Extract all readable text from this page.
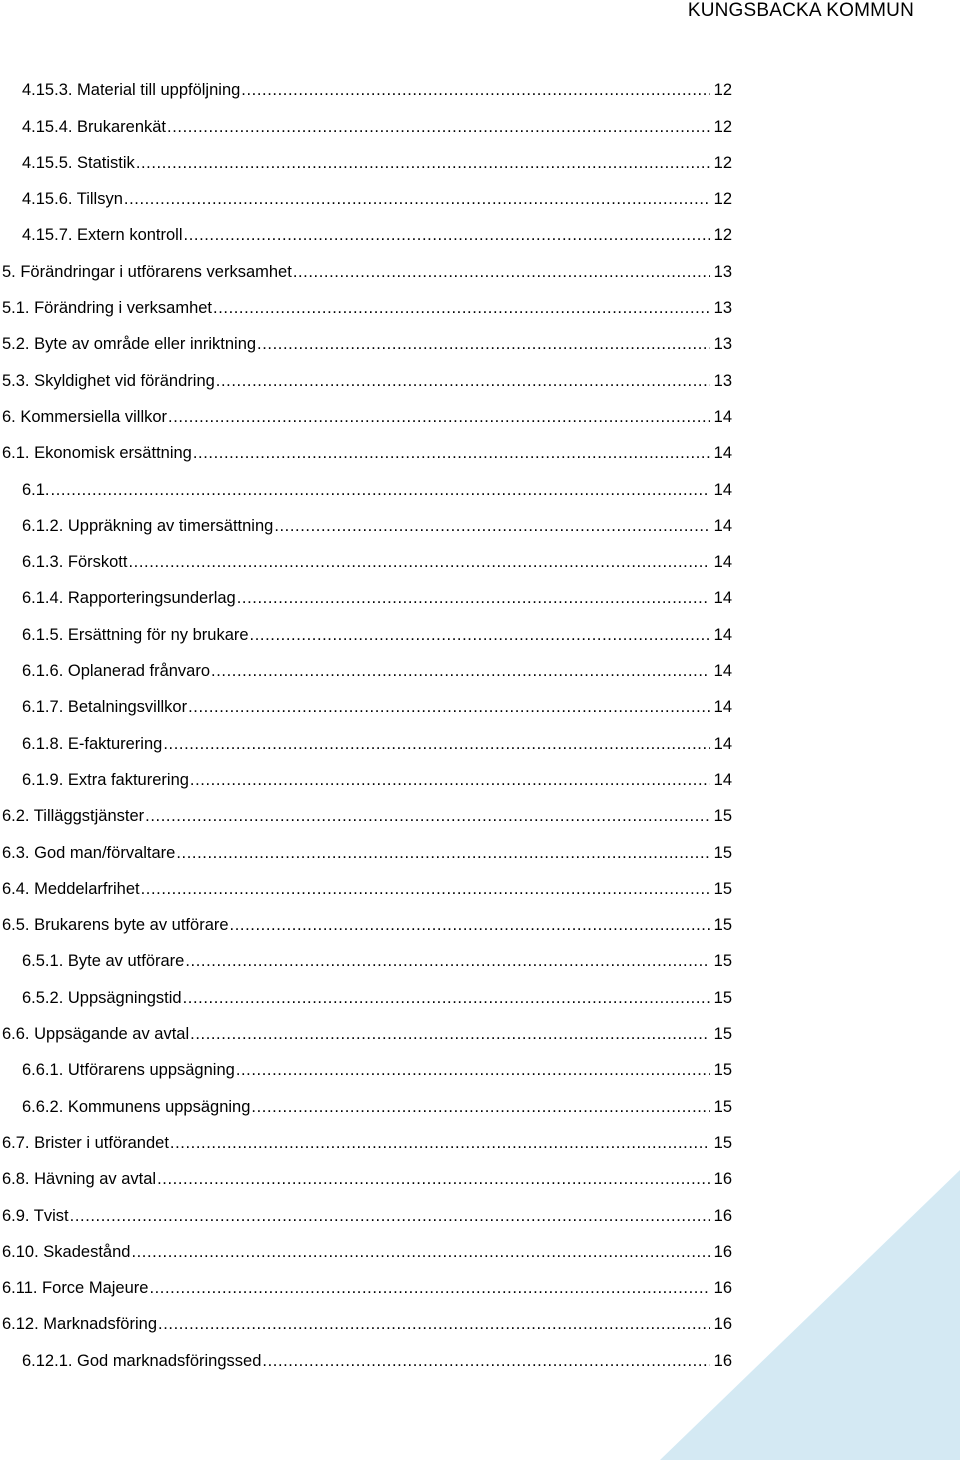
KUNGSBACKA KOMMUN
4.15.3. Material till uppföljning .....	12
4.15.4. Brukarenkät .....	12
4.15.5. Statistik .....	12
4.15.6. Tillsyn .....	12
4.15.7. Extern kontroll .....	12
5. Förändringar i utförarens verksamhet .....	13
5.1. Förändring i verksamhet .....	13
5.2. Byte av område eller inriktning .....	13
5.3. Skyldighet vid förändring .....	13
6. Kommersiella villkor .....	14
6.1. Ekonomisk ersättning .....	14
6.1. .....	14
6.1.2. Uppräkning av timersättning .....	14
6.1.3. Förskott .....	14
6.1.4. Rapporteringsunderlag .....	14
6.1.5. Ersättning för ny brukare .....	14
6.1.6. Oplanerad frånvaro .....	14
6.1.7. Betalningsvillkor .....	14
6.1.8. E-fakturering .....	14
6.1.9. Extra fakturering .....	14
6.2. Tilläggstjänster .....	15
6.3. God man/förvaltare .....	15
6.4. Meddelarfrihet .....	15
6.5. Brukarens byte av utförare .....	15
6.5.1. Byte av utförare .....	15
6.5.2. Uppsägningstid .....	15
6.6. Uppsägande av avtal .....	15
6.6.1. Utförarens uppsägning .....	15
6.6.2. Kommunens uppsägning .....	15
6.7. Brister i utförandet .....	15
6.8. Hävning av avtal .....	16
6.9. Tvist .....	16
6.10. Skadestånd .....	16
6.11. Force Majeure .....	16
6.12. Marknadsföring .....	16
6.12.1. God marknadsföringssed .....	16
